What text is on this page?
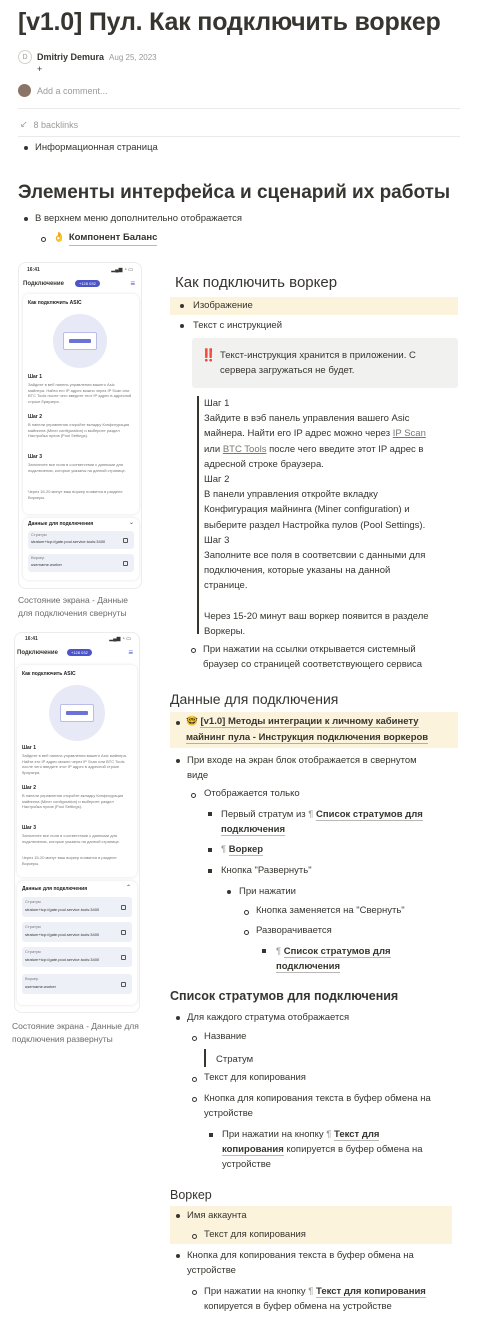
[v1.0] Пул. Как подключить воркер
D	Dmitriy Demura Aug 25, 2023
+
Add a comment...
↙ 8 backlinks
Информационная страница
Элементы интерфейса и сценарий их работы
В верхнем меню дополнительно отображается
👌 Компонент Баланс
16:41	▂▄▆ ◔ ▭
Подключение	+128 032	≡
Как подключить ASIC
Шаг 1
Зайдите в веб панель управления вашего Asic майнера. Найти его IP адрес можно через IP Scan или BTC Tools после чего введите этот IP адрес в адресной строке браузера.
Шаг 2
В панели управления откройте вкладку Конфигурация майнинга (Miner configuration) и выберите раздел Настройка пулов (Pool Settings).
Шаг 3
Заполните все поля в соответствии с данными для подключения, которые указаны на данной странице.
Через 15-20 минут ваш воркер появится в разделе Воркеры.
Данные для подключения	⌄
Стратум
stratum+tcp://gate.pool.service.tools:3400
Воркер
username.worker
Состояние экрана - Данные для подключения свернуты
16:41	▂▄▆ ◔ ▭
Подключение	+128 032	≡
Как подключить ASIC
Шаг 1
Зайдите в веб панель управления вашего Asic майнера. Найти его IP адрес можно через IP Scan или BTC Tools после чего введите этот IP адрес в адресной строке браузера.
Шаг 2
В панели управления откройте вкладку Конфигурация майнинга (Miner configuration) и выберите раздел Настройка пулов (Pool Settings).
Шаг 3
Заполните все поля в соответствии с данными для подключения, которые указаны на данной странице.
Через 15-20 минут ваш воркер появится в разделе Воркеры.
Данные для подключения	⌃
Стратум
stratum+tcp://gate.pool.service.tools:3400
Стратум
stratum+tcp://gate.pool.service.tools:3400
Стратум
stratum+tcp://gate.pool.service.tools:3400
Воркер
username.worker
Состояние экрана - Данные для подключения развернуты
Как подключить воркер
Изображение
Текст с инструкцией
‼️ Текст-инструкция хранится в приложении. С сервера загружаться не будет.
Шаг 1
Зайдите в вэб панель управления вашего Asic
майнера. Найти его IP адрес можно через IP Scan
или BTC Tools после чего введите этот IP адрес в
адресной строке браузера.
Шаг 2
В панели управления откройте вкладку
Конфигурация майнинга (Miner configuration) и
выберите раздел Настройка пулов (Pool Settings).
Шаг 3
Заполните все поля в соответсвии с данными для
подключения, которые указаны на данной
странице.
Через 15-20 минут ваш воркер появится в разделе
Воркеры.
При нажатии на ссылки открывается системный
браузер со страницей соответствующего сервиса
Данные для подключения
🤓 [v1.0] Методы интеграции к личному кабинету
майнинг пула - Инструкция подключения воркеров
При входе на экран блок отображается в свернутом
виде
Отображается только
Первый стратум из ¶ Список стратумов для
подключения
¶ Воркер
Кнопка "Развернуть"
При нажатии
Кнопка заменяется на "Свернуть"
Разворачивается
¶ Список стратумов для
подключения
Список стратумов для подключения
Для каждого стратума отображается
Название
Стратум
Текст для копирования
Кнопка для копирования текста в буфер обмена на
устройстве
При нажатии на кнопку ¶ Текст для
копирования копируется в буфер обмена на
устройстве
Воркер
Имя аккаунта
Текст для копирования
Кнопка для копирования текста в буфер обмена на
устройстве
При нажатии на кнопку ¶ Текст для копирования
копируется в буфер обмена на устройстве
